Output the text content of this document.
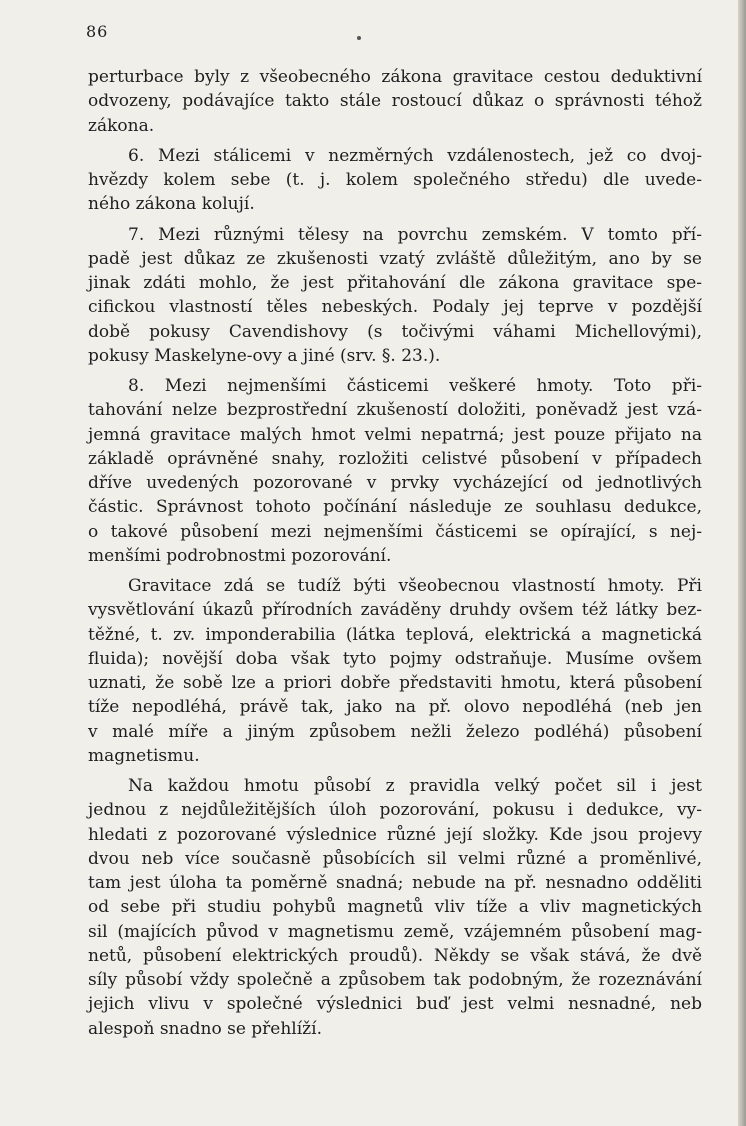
86
perturbace byly z všeobecného zákona gravitace cestou deduktivní
odvozeny, podávajíce takto stále rostoucí důkaz o správnosti téhož
zákona.
6. Mezi stálicemi v nezměrných vzdálenostech, jež co dvoj-
hvězdy kolem sebe (t. j. kolem společného středu) dle uvede-
ného zákona kolují.
7. Mezi různými tělesy na povrchu zemském. V tomto pří-
padě jest důkaz ze zkušenosti vzatý zvláště důležitým, ano by se
jinak zdáti mohlo, že jest přitahování dle zákona gravitace spe-
cifickou vlastností těles nebeských. Podaly jej teprve v pozdější
době pokusy Cavendishovy (s točivými váhami Michellovými),
pokusy Maskelyne-ovy a jiné (srv. §. 23.).
8. Mezi nejmenšími částicemi veškeré hmoty. Toto při-
tahování nelze bezprostřední zkušeností doložiti, poněvadž jest vzá-
jemná gravitace malých hmot velmi nepatrná; jest pouze přijato na
základě oprávněné snahy, rozložiti celistvé působení v případech
dříve uvedených pozorované v prvky vycházející od jednotlivých
částic. Správnost tohoto počínání následuje ze souhlasu dedukce,
o takové působení mezi nejmenšími částicemi se opírající, s nej-
menšími podrobnostmi pozorování.
Gravitace zdá se tudíž býti všeobecnou vlastností hmoty. Při
vysvětlování úkazů přírodních zaváděny druhdy ovšem též látky bez-
těžné, t. zv. imponderabilia (látka teplová, elektrická a magnetická
fluida); novější doba však tyto pojmy odstraňuje. Musíme ovšem
uznati, že sobě lze a priori dobře představiti hmotu, která působení
tíže nepodléhá, právě tak, jako na př. olovo nepodléhá (neb jen
v malé míře a jiným způsobem nežli železo podléhá) působení
magnetismu.
Na každou hmotu působí z pravidla velký počet sil i jest
jednou z nejdůležitějších úloh pozorování, pokusu i dedukce, vy-
hledati z pozorované výslednice různé její složky. Kde jsou projevy
dvou neb více současně působících sil velmi různé a proměnlivé,
tam jest úloha ta poměrně snadná; nebude na př. nesnadno odděliti
od sebe při studiu pohybů magnetů vliv tíže a vliv magnetických
sil (majících původ v magnetismu země, vzájemném působení mag-
netů, působení elektrických proudů). Někdy se však stává, že dvě
síly působí vždy společně a způsobem tak podobným, že rozeznávání
jejich vlivu v společné výslednici buď jest velmi nesnadné, neb
alespoň snadno se přehlíží.
